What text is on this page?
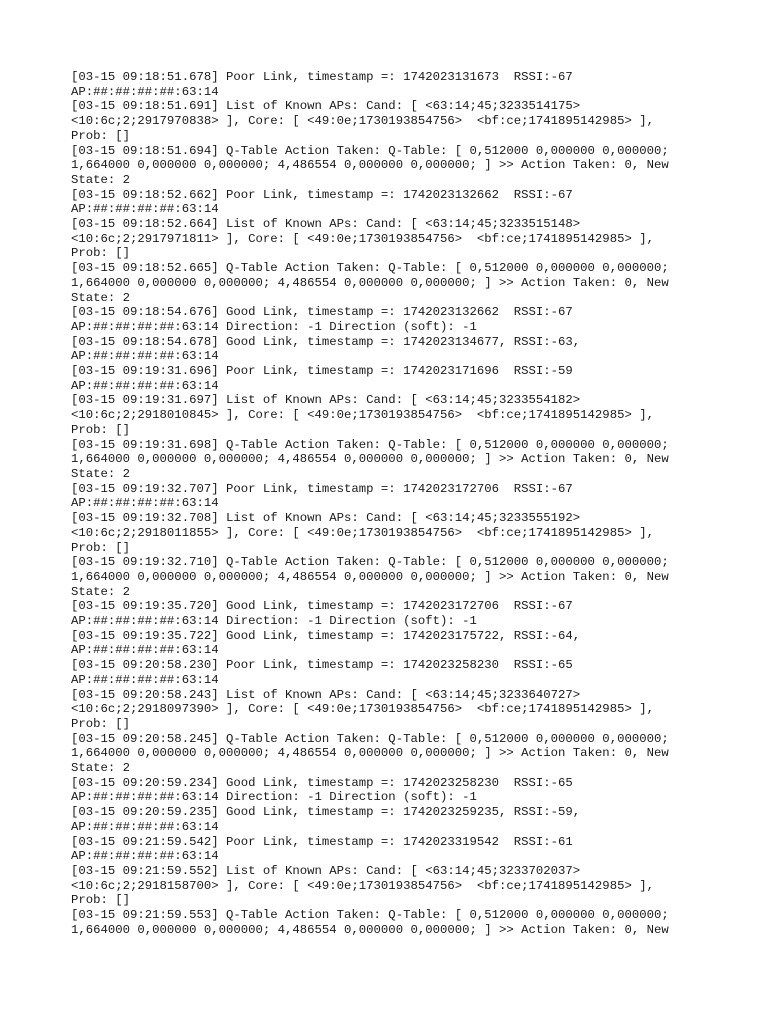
[03-15 09:18:51.678] Poor Link, timestamp =: 1742023131673  RSSI:-67
AP:##:##:##:##:63:14
[03-15 09:18:51.691] List of Known APs: Cand: [ <63:14;45;3233514175>
<10:6c;2;2917970838> ], Core: [ <49:0e;1730193854756>  <bf:ce;1741895142985> ],
Prob: []
[03-15 09:18:51.694] Q-Table Action Taken: Q-Table: [ 0,512000 0,000000 0,000000;
1,664000 0,000000 0,000000; 4,486554 0,000000 0,000000; ] >> Action Taken: 0, New
State: 2
[03-15 09:18:52.662] Poor Link, timestamp =: 1742023132662  RSSI:-67
AP:##:##:##:##:63:14
[03-15 09:18:52.664] List of Known APs: Cand: [ <63:14;45;3233515148>
<10:6c;2;2917971811> ], Core: [ <49:0e;1730193854756>  <bf:ce;1741895142985> ],
Prob: []
[03-15 09:18:52.665] Q-Table Action Taken: Q-Table: [ 0,512000 0,000000 0,000000;
1,664000 0,000000 0,000000; 4,486554 0,000000 0,000000; ] >> Action Taken: 0, New
State: 2
[03-15 09:18:54.676] Good Link, timestamp =: 1742023132662  RSSI:-67
AP:##:##:##:##:63:14 Direction: -1 Direction (soft): -1
[03-15 09:18:54.678] Good Link, timestamp =: 1742023134677, RSSI:-63,
AP:##:##:##:##:63:14
[03-15 09:19:31.696] Poor Link, timestamp =: 1742023171696  RSSI:-59
AP:##:##:##:##:63:14
[03-15 09:19:31.697] List of Known APs: Cand: [ <63:14;45;3233554182>
<10:6c;2;2918010845> ], Core: [ <49:0e;1730193854756>  <bf:ce;1741895142985> ],
Prob: []
[03-15 09:19:31.698] Q-Table Action Taken: Q-Table: [ 0,512000 0,000000 0,000000;
1,664000 0,000000 0,000000; 4,486554 0,000000 0,000000; ] >> Action Taken: 0, New
State: 2
[03-15 09:19:32.707] Poor Link, timestamp =: 1742023172706  RSSI:-67
AP:##:##:##:##:63:14
[03-15 09:19:32.708] List of Known APs: Cand: [ <63:14;45;3233555192>
<10:6c;2;2918011855> ], Core: [ <49:0e;1730193854756>  <bf:ce;1741895142985> ],
Prob: []
[03-15 09:19:32.710] Q-Table Action Taken: Q-Table: [ 0,512000 0,000000 0,000000;
1,664000 0,000000 0,000000; 4,486554 0,000000 0,000000; ] >> Action Taken: 0, New
State: 2
[03-15 09:19:35.720] Good Link, timestamp =: 1742023172706  RSSI:-67
AP:##:##:##:##:63:14 Direction: -1 Direction (soft): -1
[03-15 09:19:35.722] Good Link, timestamp =: 1742023175722, RSSI:-64,
AP:##:##:##:##:63:14
[03-15 09:20:58.230] Poor Link, timestamp =: 1742023258230  RSSI:-65
AP:##:##:##:##:63:14
[03-15 09:20:58.243] List of Known APs: Cand: [ <63:14;45;3233640727>
<10:6c;2;2918097390> ], Core: [ <49:0e;1730193854756>  <bf:ce;1741895142985> ],
Prob: []
[03-15 09:20:58.245] Q-Table Action Taken: Q-Table: [ 0,512000 0,000000 0,000000;
1,664000 0,000000 0,000000; 4,486554 0,000000 0,000000; ] >> Action Taken: 0, New
State: 2
[03-15 09:20:59.234] Good Link, timestamp =: 1742023258230  RSSI:-65
AP:##:##:##:##:63:14 Direction: -1 Direction (soft): -1
[03-15 09:20:59.235] Good Link, timestamp =: 1742023259235, RSSI:-59,
AP:##:##:##:##:63:14
[03-15 09:21:59.542] Poor Link, timestamp =: 1742023319542  RSSI:-61
AP:##:##:##:##:63:14
[03-15 09:21:59.552] List of Known APs: Cand: [ <63:14;45;3233702037>
<10:6c;2;2918158700> ], Core: [ <49:0e;1730193854756>  <bf:ce;1741895142985> ],
Prob: []
[03-15 09:21:59.553] Q-Table Action Taken: Q-Table: [ 0,512000 0,000000 0,000000;
1,664000 0,000000 0,000000; 4,486554 0,000000 0,000000; ] >> Action Taken: 0, New
